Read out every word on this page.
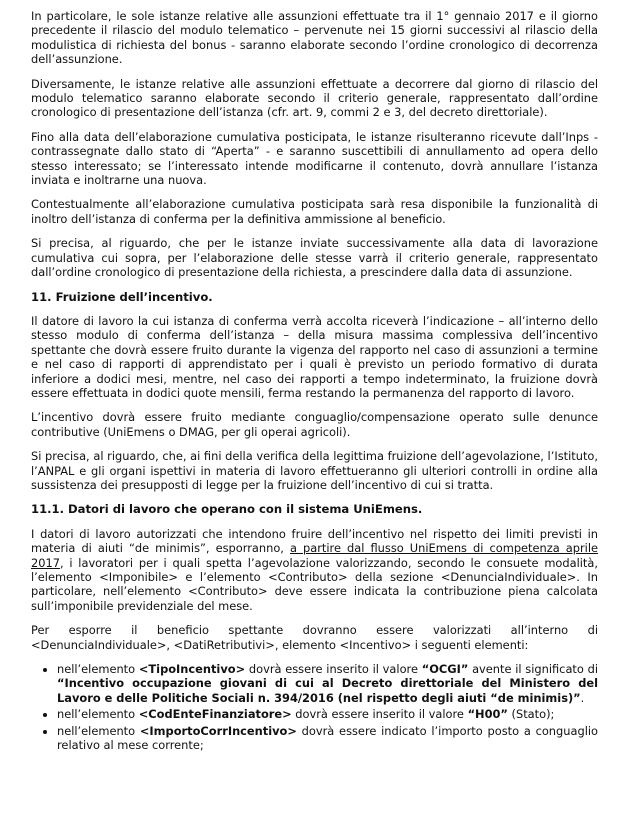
In particolare, le sole istanze relative alle assunzioni effettuate tra il 1° gennaio 2017 e il giorno precedente il rilascio del modulo telematico – pervenute nei 15 giorni successivi al rilascio della modulistica di richiesta del bonus - saranno elaborate secondo l’ordine cronologico di decorrenza dell’assunzione.

Diversamente, le istanze relative alle assunzioni effettuate a decorrere dal giorno di rilascio del modulo telematico saranno elaborate secondo il criterio generale, rappresentato dall’ordine cronologico di presentazione dell’istanza (cfr. art. 9, commi 2 e 3, del decreto direttoriale).

Fino alla data dell’elaborazione cumulativa posticipata, le istanze risulteranno ricevute dall’Inps - contrassegnate dallo stato di “Aperta” - e saranno suscettibili di annullamento ad opera dello stesso interessato; se l’interessato intende modificarne il contenuto, dovrà annullare l’istanza inviata e inoltrarne una nuova.

Contestualmente all’elaborazione cumulativa posticipata sarà resa disponibile la funzionalità di inoltro dell’istanza di conferma per la definitiva ammissione al beneficio.

Si precisa, al riguardo, che per le istanze inviate successivamente alla data di lavorazione cumulativa cui sopra, per l’elaborazione delle stesse varrà il criterio generale, rappresentato dall’ordine cronologico di presentazione della richiesta, a prescindere dalla data di assunzione.

11. Fruizione dell’incentivo.

Il datore di lavoro la cui istanza di conferma verrà accolta riceverà l’indicazione – all’interno dello stesso modulo di conferma dell’istanza – della misura massima complessiva dell’incentivo spettante che dovrà essere fruito durante la vigenza del rapporto nel caso di assunzioni a termine e nel caso di rapporti di apprendistato per i quali è previsto un periodo formativo di durata inferiore a dodici mesi, mentre, nel caso dei rapporti a tempo indeterminato, la fruizione dovrà essere effettuata in dodici quote mensili, ferma restando la permanenza del rapporto di lavoro.

L’incentivo dovrà essere fruito mediante conguaglio/compensazione operato sulle denunce contributive (UniEmens o DMAG, per gli operai agricoli).

Si precisa, al riguardo, che, ai fini della verifica della legittima fruizione dell’agevolazione, l’Istituto, l’ANPAL e gli organi ispettivi in materia di lavoro effettueranno gli ulteriori controlli in ordine alla sussistenza dei presupposti di legge per la fruizione dell’incentivo di cui si tratta.

11.1. Datori di lavoro che operano con il sistema UniEmens.

I datori di lavoro autorizzati che intendono fruire dell’incentivo nel rispetto dei limiti previsti in materia di aiuti “de minimis”, esporranno, a partire dal flusso UniEmens di competenza aprile 2017, i lavoratori per i quali spetta l’agevolazione valorizzando, secondo le consuete modalità, l’elemento <Imponibile> e l’elemento <Contributo> della sezione <DenunciaIndividuale>. In particolare, nell’elemento <Contributo> deve essere indicata la contribuzione piena calcolata sull’imponibile previdenziale del mese.

Per esporre il beneficio spettante dovranno essere valorizzati all’interno di <DenunciaIndividuale>, <DatiRetributivi>, elemento <Incentivo> i seguenti elementi:

• nell’elemento <TipoIncentivo> dovrà essere inserito il valore “OCGI” avente il significato di “Incentivo occupazione giovani di cui al Decreto direttoriale del Ministero del Lavoro e delle Politiche Sociali n. 394/2016 (nel rispetto degli aiuti “de minimis)”.
• nell’elemento <CodEnteFinanziatore> dovrà essere inserito il valore “H00” (Stato);
• nell’elemento <ImportoCorrIncentivo> dovrà essere indicato l’importo posto a conguaglio relativo al mese corrente;
